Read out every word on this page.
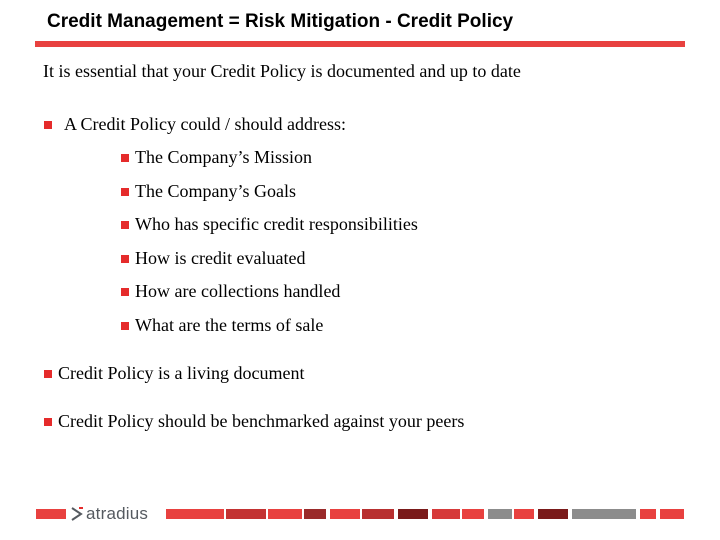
Credit Management = Risk Mitigation - Credit Policy
It is essential that your Credit Policy is documented and up to date
A Credit Policy could / should address:
The Company’s Mission
The Company’s Goals
Who has specific credit responsibilities
How is credit evaluated
How are collections handled
What are the terms of sale
Credit Policy is a living document
Credit Policy should be benchmarked against your peers
atradius
